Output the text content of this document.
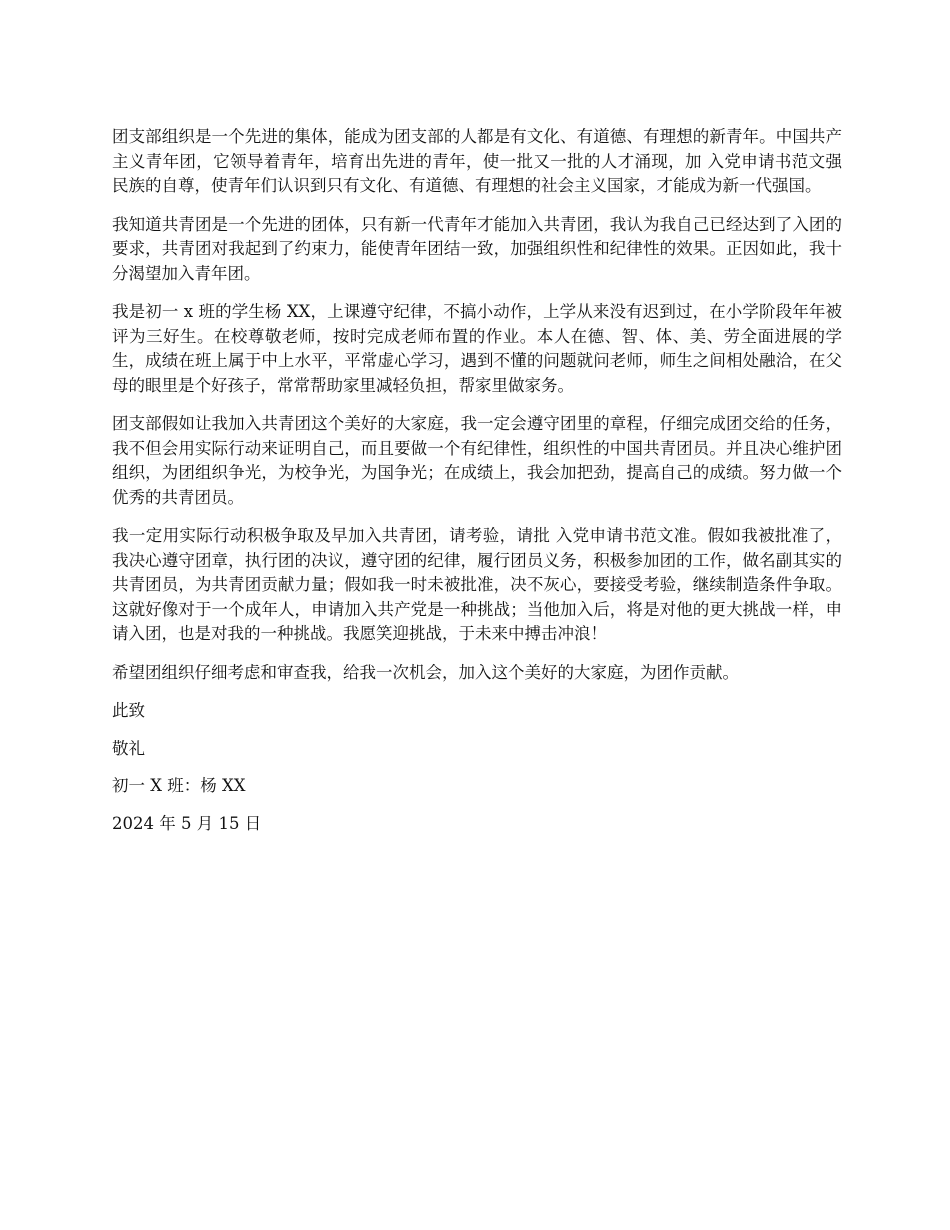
团支部组织是一个先进的集体，能成为团支部的人都是有文化、有道德、有理想的新青年。中国共产主义青年团，它领导着青年，培育出先进的青年，使一批又一批的人才涌现，加 入党申请书范文强民族的自尊，使青年们认识到只有文化、有道德、有理想的社会主义国家，才能成为新一代强国。

我知道共青团是一个先进的团体，只有新一代青年才能加入共青团，我认为我自己已经达到了入团的要求，共青团对我起到了约束力，能使青年团结一致，加强组织性和纪律性的效果。正因如此，我十分渴望加入青年团。

我是初一 x 班的学生杨 XX，上课遵守纪律，不搞小动作，上学从来没有迟到过，在小学阶段年年被评为三好生。在校尊敬老师，按时完成老师布置的作业。本人在德、智、体、美、劳全面进展的学生，成绩在班上属于中上水平，平常虚心学习，遇到不懂的问题就问老师，师生之间相处融洽，在父母的眼里是个好孩子，常常帮助家里减轻负担，帮家里做家务。

团支部假如让我加入共青团这个美好的大家庭，我一定会遵守团里的章程，仔细完成团交给的任务，我不但会用实际行动来证明自己，而且要做一个有纪律性，组织性的中国共青团员。并且决心维护团组织，为团组织争光，为校争光，为国争光；在成绩上，我会加把劲，提高自己的成绩。努力做一个优秀的共青团员。

我一定用实际行动积极争取及早加入共青团，请考验，请批 入党申请书范文准。假如我被批准了，我决心遵守团章，执行团的决议，遵守团的纪律，履行团员义务，积极参加团的工作，做名副其实的共青团员，为共青团贡献力量；假如我一时未被批准，决不灰心，要接受考验，继续制造条件争取。这就好像对于一个成年人，申请加入共产党是一种挑战；当他加入后，将是对他的更大挑战一样，申请入团，也是对我的一种挑战。我愿笑迎挑战，于未来中搏击冲浪！

希望团组织仔细考虑和审查我，给我一次机会，加入这个美好的大家庭，为团作贡献。

此致

敬礼

初一 X 班：杨 XX

2024 年 5 月 15 日
